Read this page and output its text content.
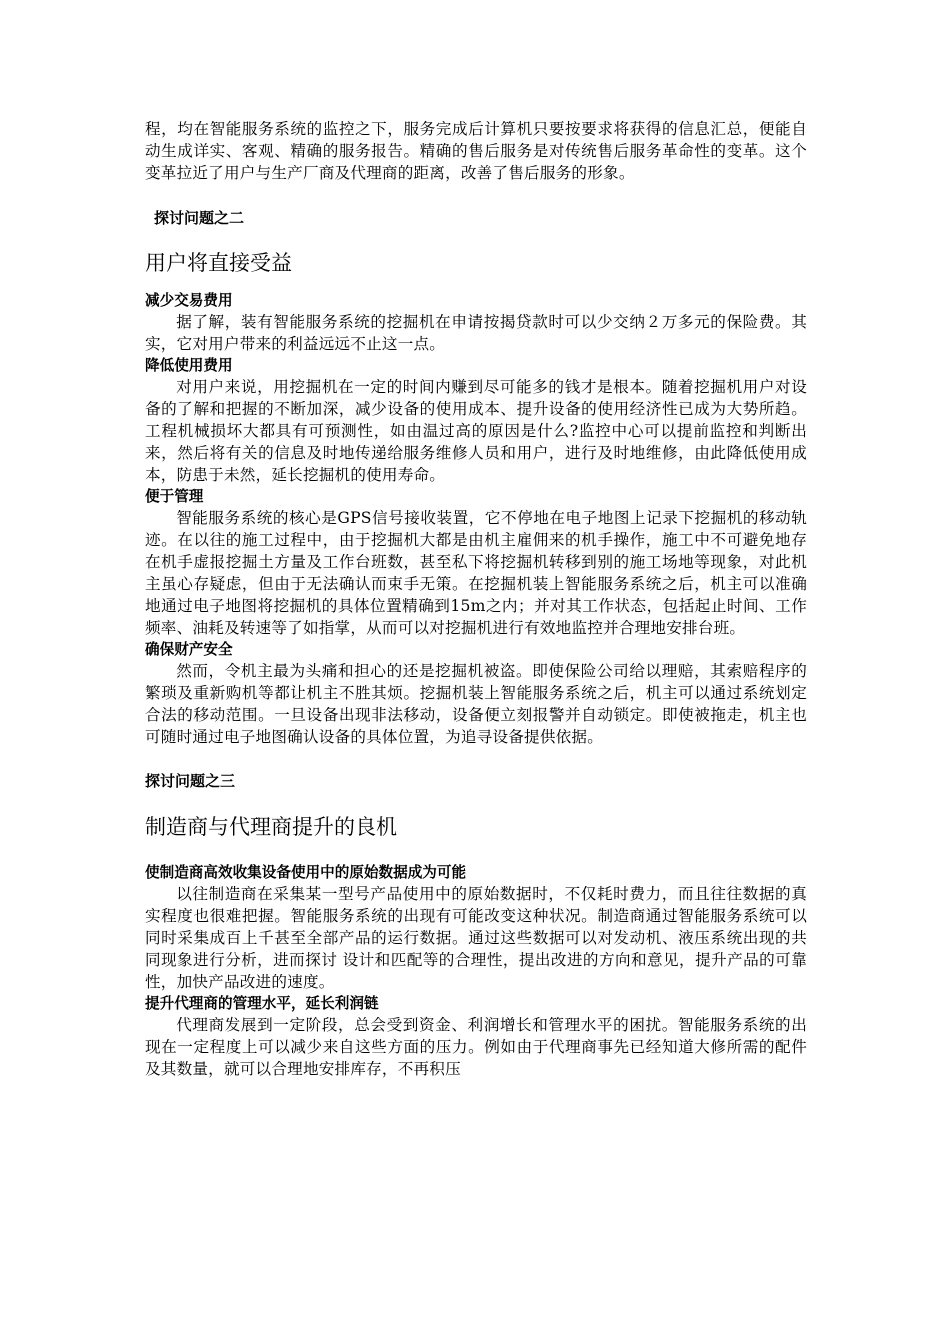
程，均在智能服务系统的监控之下，服务完成后计算机只要按要求将获得的信息汇总，便能自动生成详实、客观、精确的服务报告。精确的售后服务是对传统售后服务革命性的变革。这个变革拉近了用户与生产厂商及代理商的距离，改善了售后服务的形象。

探讨问题之二

用户将直接受益

减少交易费用

据了解，装有智能服务系统的挖掘机在申请按揭贷款时可以少交纳２万多元的保险费。其实，它对用户带来的利益远远不止这一点。

降低使用费用

对用户来说，用挖掘机在一定的时间内赚到尽可能多的钱才是根本。随着挖掘机用户对设备的了解和把握的不断加深，减少设备的使用成本、提升设备的使用经济性已成为大势所趋。工程机械损坏大都具有可预测性，如由温过高的原因是什么?监控中心可以提前监控和判断出来，然后将有关的信息及时地传递给服务维修人员和用户，进行及时地维修，由此降低使用成本，防患于未然，延长挖掘机的使用寿命。

便于管理

智能服务系统的核心是GPS信号接收装置，它不停地在电子地图上记录下挖掘机的移动轨迹。在以往的施工过程中，由于挖掘机大都是由机主雇佣来的机手操作，施工中不可避免地存在机手虚报挖掘土方量及工作台班数，甚至私下将挖掘机转移到别的施工场地等现象，对此机主虽心存疑虑，但由于无法确认而束手无策。在挖掘机装上智能服务系统之后，机主可以准确地通过电子地图将挖掘机的具体位置精确到15m之内；并对其工作状态，包括起止时间、工作频率、油耗及转速等了如指掌，从而可以对挖掘机进行有效地监控并合理地安排台班。

确保财产安全

然而，令机主最为头痛和担心的还是挖掘机被盗。即使保险公司给以理赔，其索赔程序的繁琐及重新购机等都让机主不胜其烦。挖掘机装上智能服务系统之后，机主可以通过系统划定合法的移动范围。一旦设备出现非法移动，设备便立刻报警并自动锁定。即使被拖走，机主也可随时通过电子地图确认设备的具体位置，为追寻设备提供依据。

探讨问题之三

制造商与代理商提升的良机

使制造商高效收集设备使用中的原始数据成为可能

以往制造商在采集某一型号产品使用中的原始数据时，不仅耗时费力，而且往往数据的真实程度也很难把握。智能服务系统的出现有可能改变这种状况。制造商通过智能服务系统可以同时采集成百上千甚至全部产品的运行数据。通过这些数据可以对发动机、液压系统出现的共同现象进行分析，进而探讨 设计和匹配等的合理性，提出改进的方向和意见，提升产品的可靠性，加快产品改进的速度。

提升代理商的管理水平，延长利润链

代理商发展到一定阶段，总会受到资金、利润增长和管理水平的困扰。智能服务系统的出现在一定程度上可以减少来自这些方面的压力。例如由于代理商事先已经知道大修所需的配件及其数量，就可以合理地安排库存，不再积压
